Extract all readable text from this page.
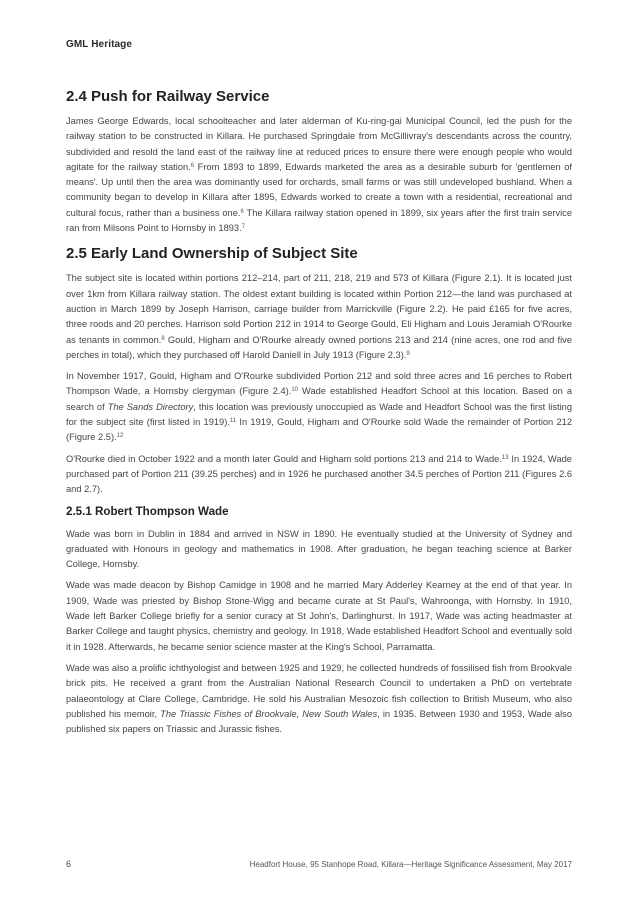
GML Heritage
2.4 Push for Railway Service

James George Edwards, local schoolteacher and later alderman of Ku-ring-gai Municipal Council, led the push for the railway station to be constructed in Killara. He purchased Springdale from McGillivray's descendants across the country, subdivided and resold the land east of the railway line at reduced prices to ensure there were enough people who would agitate for the railway station.$^6$ From 1893 to 1899, Edwards marketed the area as a desirable suburb for 'gentlemen of means'. Up until then the area was dominantly used for orchards, small farms or was still undeveloped bushland. When a community began to develop in Killara after 1895, Edwards worked to create a town with a residential, recreational and cultural focus, rather than a business one.$^6$ The Killara railway station opened in 1899, six years after the first train service ran from Milsons Point to Hornsby in 1893.$^7$

2.5 Early Land Ownership of Subject Site

The subject site is located within portions 212–214, part of 211, 218, 219 and 573 of Killara (Figure 2.1). It is located just over 1km from Killara railway station. The oldest extant building is located within Portion 212—the land was purchased at auction in March 1899 by Joseph Harrison, carriage builder from Marrickville (Figure 2.2). He paid £165 for five acres, three roods and 20 perches. Harrison sold Portion 212 in 1914 to George Gould, Eli Higham and Louis Jeramiah O'Rourke as tenants in common.$^8$ Gould, Higham and O'Rourke already owned portions 213 and 214 (nine acres, one rod and five perches in total), which they purchased off Harold Daniell in July 1913 (Figure 2.3).$^9$

In November 1917, Gould, Higham and O'Rourke subdivided Portion 212 and sold three acres and 16 perches to Robert Thompson Wade, a Hornsby clergyman (Figure 2.4).$^{10}$ Wade established Headfort School at this location. Based on a search of The Sands Directory, this location was previously unoccupied as Wade and Headfort School was the first listing for the subject site (first listed in 1919).$^{11}$ In 1919, Gould, Higham and O'Rourke sold Wade the remainder of Portion 212 (Figure 2.5).$^{12}$

O'Rourke died in October 1922 and a month later Gould and Higham sold portions 213 and 214 to Wade.$^{13}$ In 1924, Wade purchased part of Portion 211 (39.25 perches) and in 1926 he purchased another 34.5 perches of Portion 211 (Figures 2.6 and 2.7).

2.5.1 Robert Thompson Wade

Wade was born in Dublin in 1884 and arrived in NSW in 1890. He eventually studied at the University of Sydney and graduated with Honours in geology and mathematics in 1908. After graduation, he began teaching science at Barker College, Hornsby.

Wade was made deacon by Bishop Camidge in 1908 and he married Mary Adderley Kearney at the end of that year. In 1909, Wade was priested by Bishop Stone-Wigg and became curate at St Paul's, Wahroonga, with Hornsby. In 1910, Wade left Barker College briefly for a senior curacy at St John's, Darlinghurst. In 1917, Wade was acting headmaster at Barker College and taught physics, chemistry and geology. In 1918, Wade established Headfort School and eventually sold it in 1928. Afterwards, he became senior science master at the King's School, Parramatta.

Wade was also a prolific ichthyologist and between 1925 and 1929, he collected hundreds of fossilised fish from Brookvale brick pits. He received a grant from the Australian National Research Council to undertaken a PhD on vertebrate palaeontology at Clare College, Cambridge. He sold his Australian Mesozoic fish collection to British Museum, who also published his memoir, The Triassic Fishes of Brookvale, New South Wales, in 1935. Between 1930 and 1953, Wade also published six papers on Triassic and Jurassic fishes.

6	Headfort House, 95 Stanhope Road, Killara—Heritage Significance Assessment, May 2017
